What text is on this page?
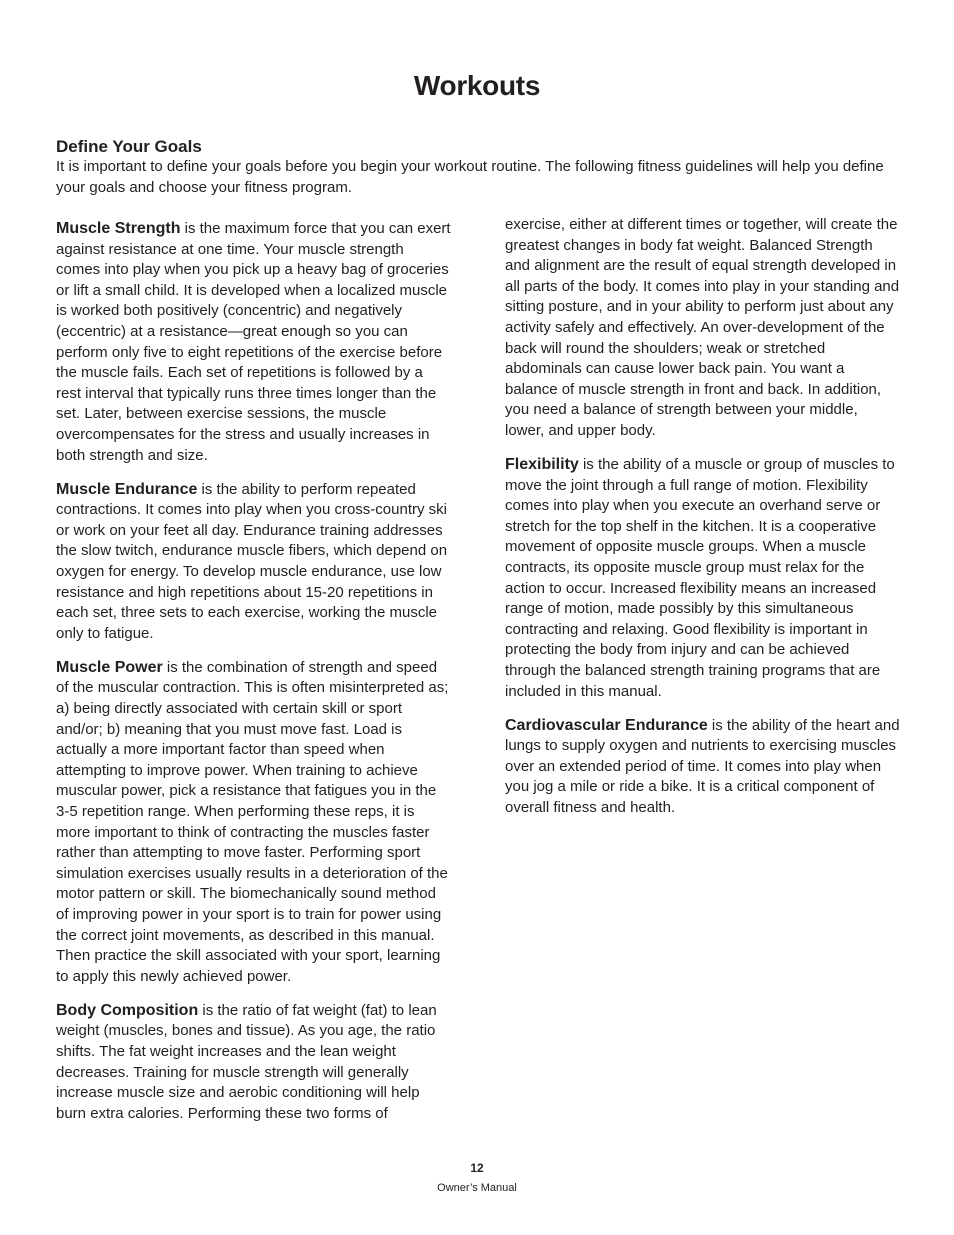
Workouts
Define Your Goals

It is important to define your goals before you begin your workout routine. The following fitness guidelines will help you define your goals and choose your fitness program.

Muscle Strength is the maximum force that you can exert against resistance at one time. Your muscle strength comes into play when you pick up a heavy bag of groceries or lift a small child. It is developed when a localized muscle is worked both positively (concentric) and negatively (eccentric) at a resistance—great enough so you can perform only five to eight repetitions of the exercise before the muscle fails. Each set of repetitions is followed by a rest interval that typically runs three times longer than the set. Later, between exercise sessions, the muscle overcompensates for the stress and usually increases in both strength and size.

Muscle Endurance is the ability to perform repeated contractions. It comes into play when you cross-country ski or work on your feet all day. Endurance training addresses the slow twitch, endurance muscle fibers, which depend on oxygen for energy. To develop muscle endurance, use low resistance and high repetitions about 15-20 repetitions in each set, three sets to each exercise, working the muscle only to fatigue.

Muscle Power is the combination of strength and speed of the muscular contraction. This is often misinterpreted as; a) being directly associated with certain skill or sport and/or; b) meaning that you must move fast. Load is actually a more important factor than speed when attempting to improve power. When training to achieve muscular power, pick a resistance that fatigues you in the 3-5 repetition range. When performing these reps, it is more important to think of contracting the muscles faster rather than attempting to move faster. Performing sport simulation exercises usually results in a deterioration of the motor pattern or skill. The biomechanically sound method of improving power in your sport is to train for power using the correct joint movements, as described in this manual. Then practice the skill associated with your sport, learning to apply this newly achieved power.

Body Composition is the ratio of fat weight (fat) to lean weight (muscles, bones and tissue). As you age, the ratio shifts. The fat weight increases and the lean weight decreases. Training for muscle strength will generally increase muscle size and aerobic conditioning will help burn extra calories. Performing these two forms of

exercise, either at different times or together, will create the greatest changes in body fat weight. Balanced Strength and alignment are the result of equal strength developed in all parts of the body. It comes into play in your standing and sitting posture, and in your ability to perform just about any activity safely and effectively. An over-development of the back will round the shoulders; weak or stretched abdominals can cause lower back pain. You want a balance of muscle strength in front and back. In addition, you need a balance of strength between your middle, lower, and upper body.

Flexibility is the ability of a muscle or group of muscles to move the joint through a full range of motion. Flexibility comes into play when you execute an overhand serve or stretch for the top shelf in the kitchen. It is a cooperative movement of opposite muscle groups. When a muscle contracts, its opposite muscle group must relax for the action to occur. Increased flexibility means an increased range of motion, made possibly by this simultaneous contracting and relaxing. Good flexibility is important in protecting the body from injury and can be achieved through the balanced strength training programs that are included in this manual.

Cardiovascular Endurance is the ability of the heart and lungs to supply oxygen and nutrients to exercising muscles over an extended period of time. It comes into play when you jog a mile or ride a bike. It is a critical component of overall fitness and health.

12
Owner’s Manual
